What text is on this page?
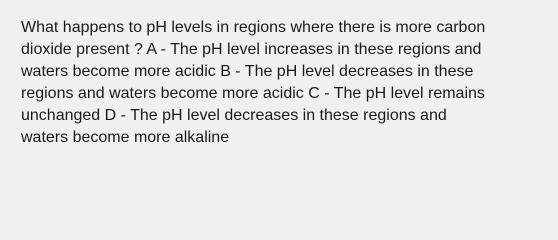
What happens to pH levels in regions where there is more carbon
dioxide present ? A - The pH level increases in these regions and
waters become more acidic B - The pH level decreases in these
regions and waters become more acidic C - The pH level remains
unchanged D - The pH level decreases in these regions and
waters become more alkaline
